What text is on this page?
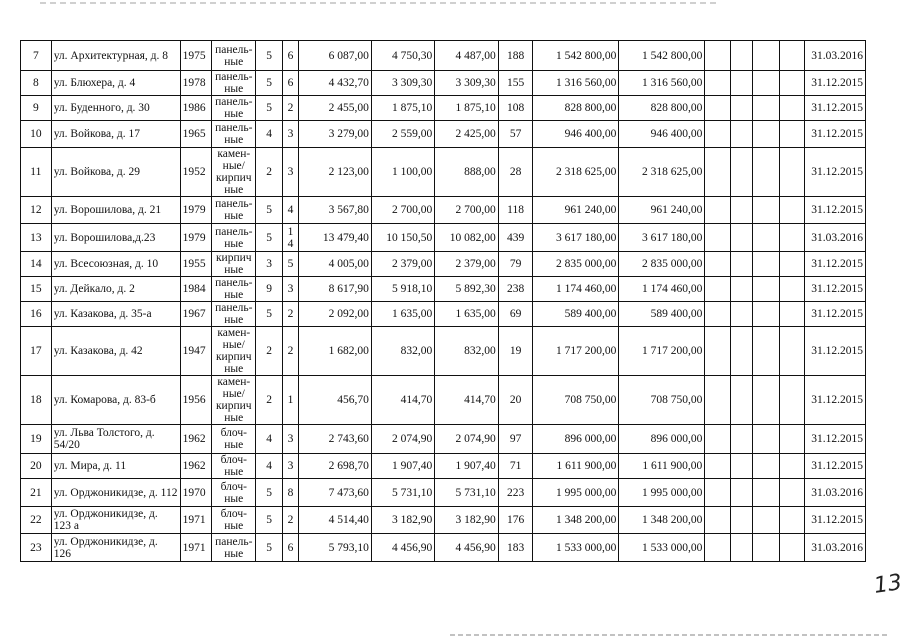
7	ул. Архитектурная, д. 8	1975	панель-ные	5	6	6 087,00	4 750,30	4 487,00	188	1 542 800,00	1 542 800,00					31.03.2016
8	ул. Блюхера, д. 4	1978	панель-ные	5	6	4 432,70	3 309,30	3 309,30	155	1 316 560,00	1 316 560,00					31.12.2015
9	ул. Буденного, д. 30	1986	панель-ные	5	2	2 455,00	1 875,10	1 875,10	108	828 800,00	828 800,00					31.12.2015
10	ул. Войкова, д. 17	1965	панель-ные	4	3	3 279,00	2 559,00	2 425,00	57	946 400,00	946 400,00					31.12.2015
11	ул. Войкова, д. 29	1952	камен-ные/ кирпич ные	2	3	2 123,00	1 100,00	888,00	28	2 318 625,00	2 318 625,00					31.12.2015
12	ул. Ворошилова, д. 21	1979	панель-ные	5	4	3 567,80	2 700,00	2 700,00	118	961 240,00	961 240,00					31.12.2015
13	ул. Ворошилова,д.23	1979	панель-ные	5	1 4	13 479,40	10 150,50	10 082,00	439	3 617 180,00	3 617 180,00					31.03.2016
14	ул. Всесоюзная, д. 10	1955	кирпич ные	3	5	4 005,00	2 379,00	2 379,00	79	2 835 000,00	2 835 000,00					31.12.2015
15	ул. Дейкало, д. 2	1984	панель-ные	9	3	8 617,90	5 918,10	5 892,30	238	1 174 460,00	1 174 460,00					31.12.2015
16	ул. Казакова, д. 35-а	1967	панель-ные	5	2	2 092,00	1 635,00	1 635,00	69	589 400,00	589 400,00					31.12.2015
17	ул. Казакова, д. 42	1947	камен-ные/ кирпич ные	2	2	1 682,00	832,00	832,00	19	1 717 200,00	1 717 200,00					31.12.2015
18	ул. Комарова, д. 83-б	1956	камен-ные/ кирпич ные	2	1	456,70	414,70	414,70	20	708 750,00	708 750,00					31.12.2015
19	ул. Льва Толстого, д. 54/20	1962	блоч-ные	4	3	2 743,60	2 074,90	2 074,90	97	896 000,00	896 000,00					31.12.2015
20	ул. Мира, д. 11	1962	блоч-ные	4	3	2 698,70	1 907,40	1 907,40	71	1 611 900,00	1 611 900,00					31.12.2015
21	ул. Орджоникидзе, д. 112	1970	блоч-ные	5	8	7 473,60	5 731,10	5 731,10	223	1 995 000,00	1 995 000,00					31.03.2016
22	ул. Орджоникидзе, д. 123 а	1971	блоч-ные	5	2	4 514,40	3 182,90	3 182,90	176	1 348 200,00	1 348 200,00					31.12.2015
23	ул. Орджоникидзе, д. 126	1971	панель-ные	5	6	5 793,10	4 456,90	4 456,90	183	1 533 000,00	1 533 000,00					31.03.2016
13
